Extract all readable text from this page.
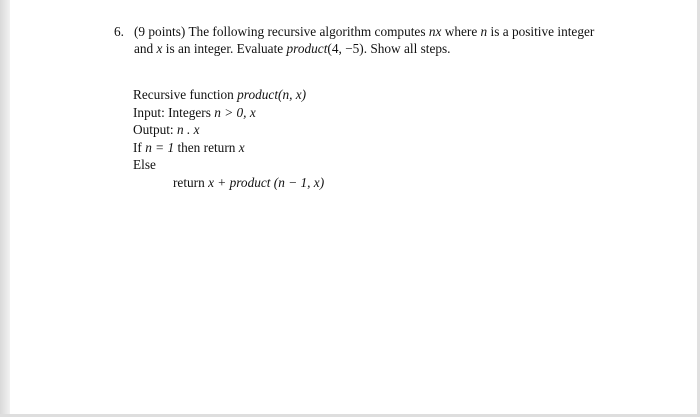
6. (9 points) The following recursive algorithm computes nx where n is a positive integer
and x is an integer. Evaluate product(4, −5). Show all steps.
Recursive function product(n, x)
Input: Integers n > 0, x
Output: n . x
If n = 1 then return x
Else
return x + product (n − 1, x)
